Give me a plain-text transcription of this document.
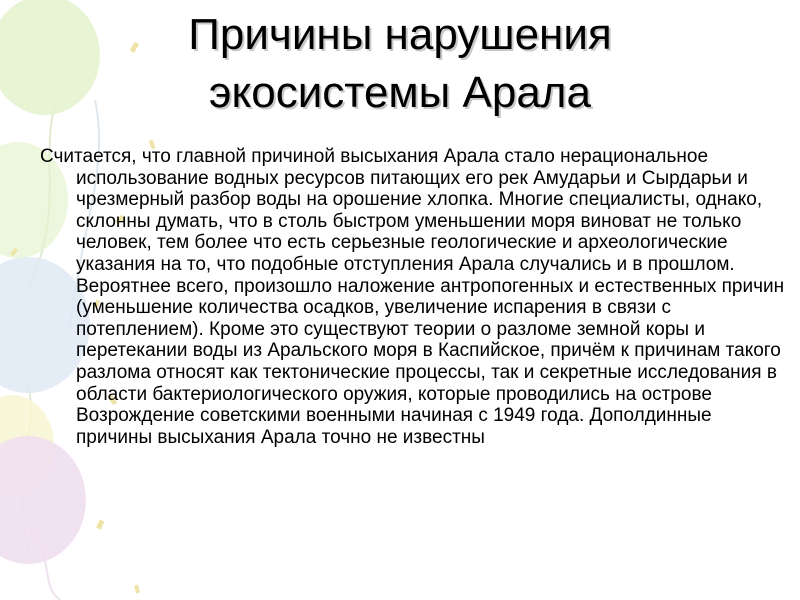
Причины нарушения
экосистемы Арала

Считается, что главной причиной высыхания Арала стало нерациональное использование водных ресурсов питающих его рек Амударьи и Сырдарьи и чрезмерный разбор воды на орошение хлопка. Многие специалисты, однако, склонны думать, что в столь быстром уменьшении моря виноват не только человек, тем более что есть серьезные геологические и археологические указания на то, что подобные отступления Арала случались и в прошлом. Вероятнее всего, произошло наложение антропогенных и естественных причин (уменьшение количества осадков, увеличение испарения в связи с потеплением). Кроме это существуют теории о разломе земной коры и перетекании воды из Аральского моря в Каспийское, причём к причинам такого разлома относят как тектонические процессы, так и секретные исследования в области бактериологического оружия, которые проводились на острове Возрождение советскими военными начиная с 1949 года. Дополдинные причины высыхания Арала точно не известны
